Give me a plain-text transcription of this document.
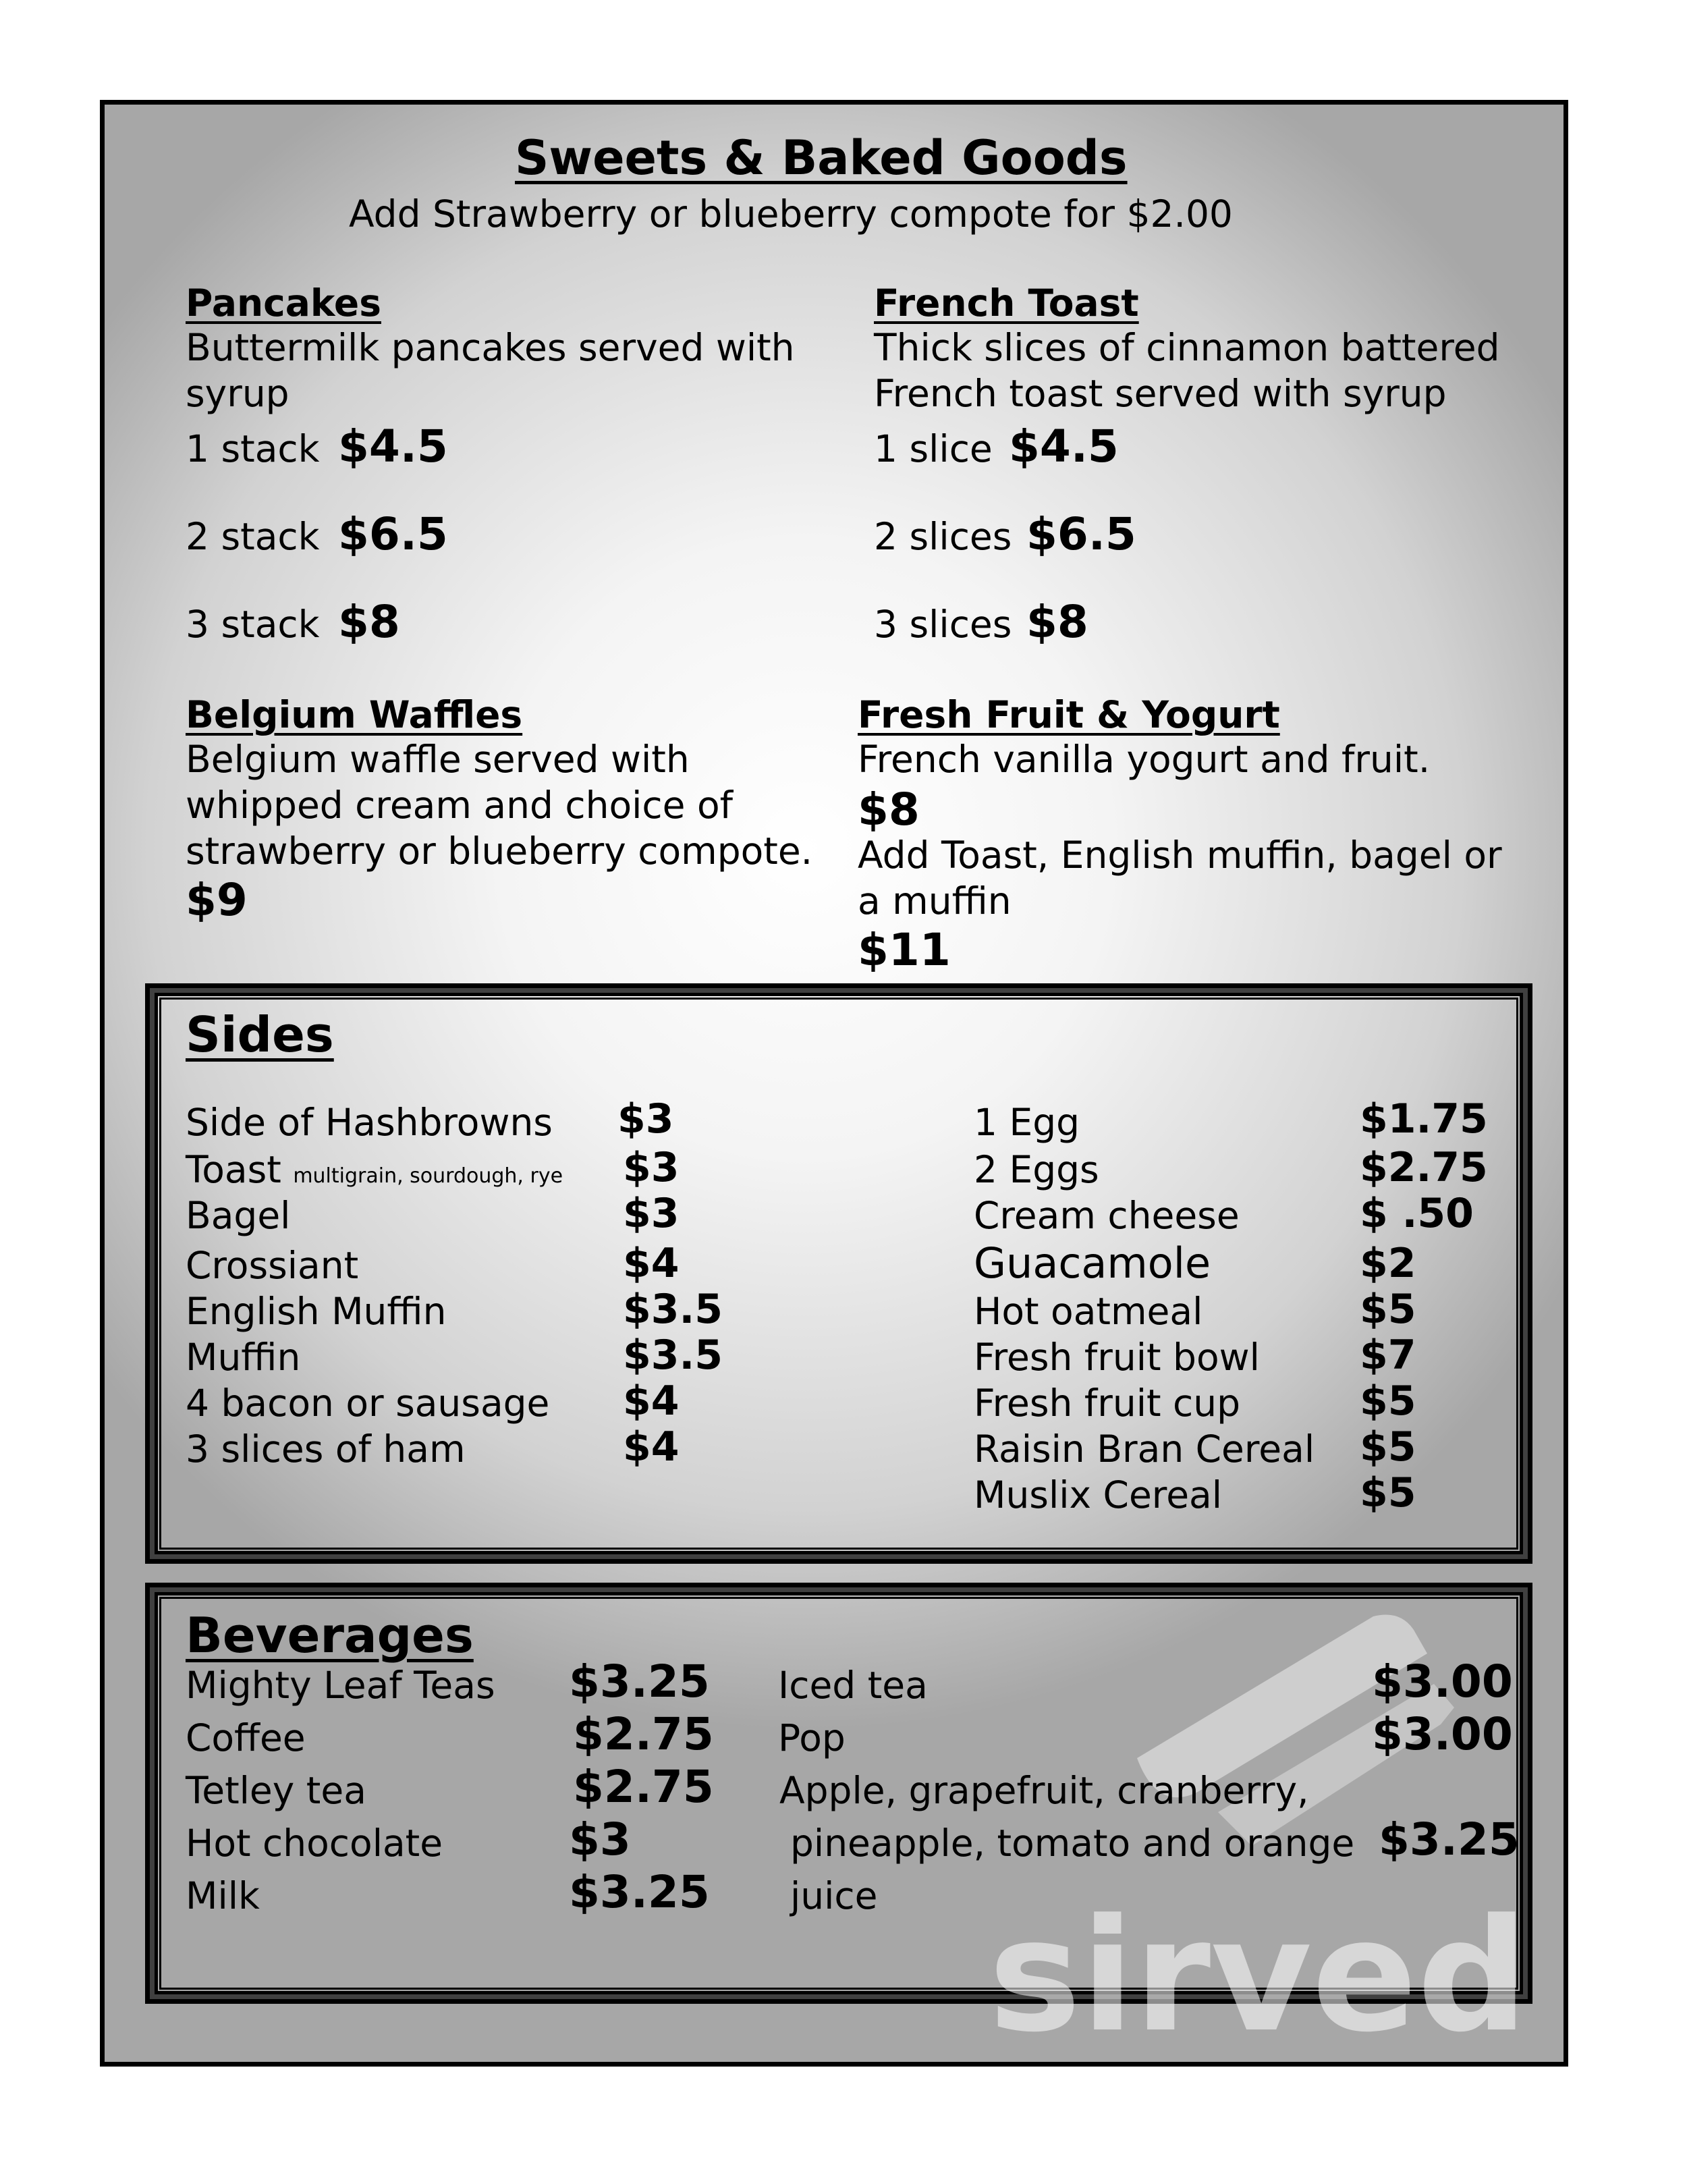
Sweets & Baked Goods
Add Strawberry or blueberry compote for $2.00
Pancakes
Buttermilk pancakes served with
syrup
1 stack $4.5
2 stack $6.5
3 stack $8
French Toast
Thick slices of cinnamon battered
French toast served with syrup
1 slice $4.5
2 slices $6.5
3 slices $8
Belgium Waffles
Belgium waffle served with
whipped cream and choice of
strawberry or blueberry compote.
$9
Fresh Fruit & Yogurt
French vanilla yogurt and fruit.
$8
Add Toast, English muffin, bagel or
a muffin
$11
Sides
Side of Hashbrowns $3
Toast multigrain, sourdough, rye $3
Bagel	$3
Crossiant	$4
English Muffin	$3.5
Muffin	$3.5
4 bacon or sausage $4
3 slices of ham	$4
1 Egg	$1.75
2 Eggs	$2.75
Cream cheese	$ .50
Guacamole	$2
Hot oatmeal	$5
Fresh fruit bowl $7
Fresh fruit cup	$5
Raisin Bran Cereal $5
Muslix Cereal	$5
sirved
Beverages
Mighty Leaf Teas $3.25
Coffee	$2.75
Tetley tea	$2.75
Hot chocolate	$3
Milk	$3.25
Iced tea	$3.00
Pop	$3.00
Apple, grapefruit, cranberry,
pineapple, tomato and orange $3.25
juice
